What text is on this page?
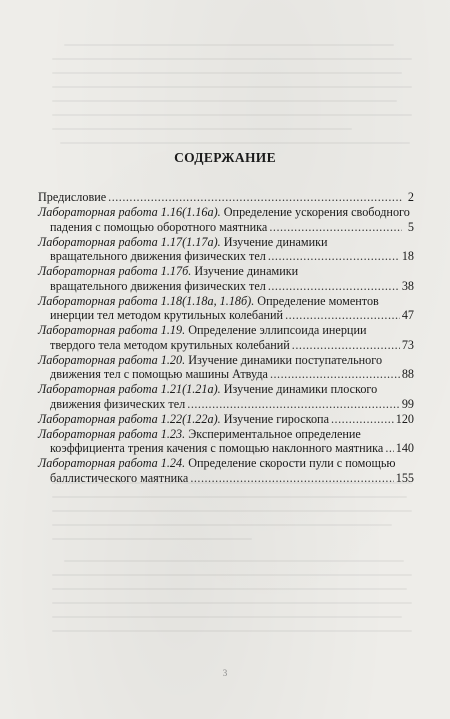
СОДЕРЖАНИЕ
Предисловие .....	2
Лабораторная работа 1.16(1.16а).
Определение ускорения свободного
падения с помощью оборотного маятника .....	5
Лабораторная работа 1.17(1.17а).
Изучение динамики
вращательного движения физических тел .....	18
Лабораторная работа 1.17б.
Изучение динамики
вращательного движения физических тел .....	38
Лабораторная работа 1.18(1.18а, 1.18б).
Определение моментов
инерции тел методом крутильных колебаний .....	47
Лабораторная работа 1.19.
Определение эллипсоида инерции
твердого тела методом крутильных колебаний .....	73
Лабораторная работа 1.20.
Изучение динамики поступательного
движения тел с помощью машины Атвуда .....	88
Лабораторная работа 1.21(1.21а).
Изучение динамики плоского
движения физических тел .....	99
Лабораторная работа 1.22(1.22а).
Изучение гироскопа .....	120
Лабораторная работа 1.23.
Экспериментальное определение
коэффициента трения качения с помощью наклонного маятника ..... 140
Лабораторная работа 1.24.
Определение скорости пули с помощью
баллистического маятника .....	155
3
